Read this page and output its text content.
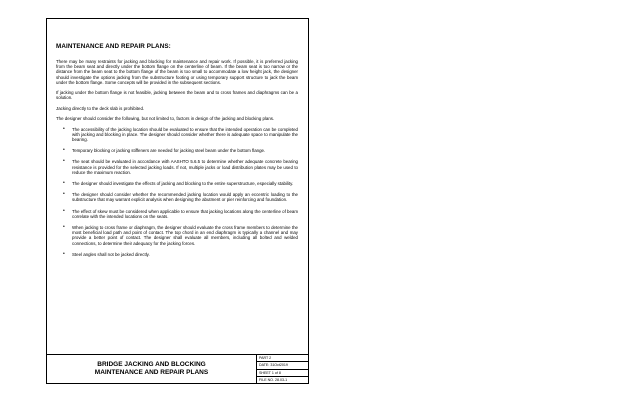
MAINTENANCE AND REPAIR PLANS:

There may be many restraints for jacking and blocking for maintenance and repair work. If possible, it is preferred jacking from the beam seat and directly under the bottom flange on the centerline of beam. If the beam seat is too narrow or the distance from the beam seat to the bottom flange of the beam is too small to accommodate a low height jack, the designer should investigate the options jacking from the substructure footing or using temporary support structure to jack the beam under the bottom flange. Some concepts will be provided in the subsequent sections.

If jacking under the bottom flange is not feasible, jacking between the beam and to cross frames and diaphragms can be a solution.

Jacking directly to the deck slab is prohibited.

The designer should consider the following, but not limited to, factors in design of the jacking and blocking plans.

• The accessibility of the jacking location should be evaluated to ensure that the intended operation can be completed with jacking and blocking in place. The designer should consider whether there is adequate space to manipulate the bearing.
• Temporary blocking or jacking stiffeners are needed for jacking steel beam under the bottom flange.
• The seat should be evaluated in accordance with AASHTO 5.6.5 to determine whether adequate concrete bearing resistance is provided for the selected jacking loads. If not, multiple jacks or load distribution plates may be used to reduce the maximum reaction.
• The designer should investigate the effects of jacking and blocking to the entire superstructure, especially stability.
• The designer should consider whether the recommended jacking location would apply an eccentric loading to the substructure that may warrant explicit analysis when designing the abutment or pier reinforcing and foundation.
• The effect of skew must be considered when applicable to ensure that jacking locations along the centerline of beam correlate with the intended locations on the seats.
• When jacking to cross frame or diaphragm, the designer should evaluate the cross frame members to determine the most beneficial load path and point of contact. The top chord in an end diaphragm is typically a channel and may provide a better point of contact. The designer shall evaluate all members, including all bolted and welded connections, to determine their adequacy for the jacking forces.
• Steel angles shall not be jacked directly.
BRIDGE JACKING AND BLOCKING
MAINTENANCE AND REPAIR PLANS
PART 2
DATE: 31Oct2019
SHEET 1 of 8
FILE NO. 28.03-1
